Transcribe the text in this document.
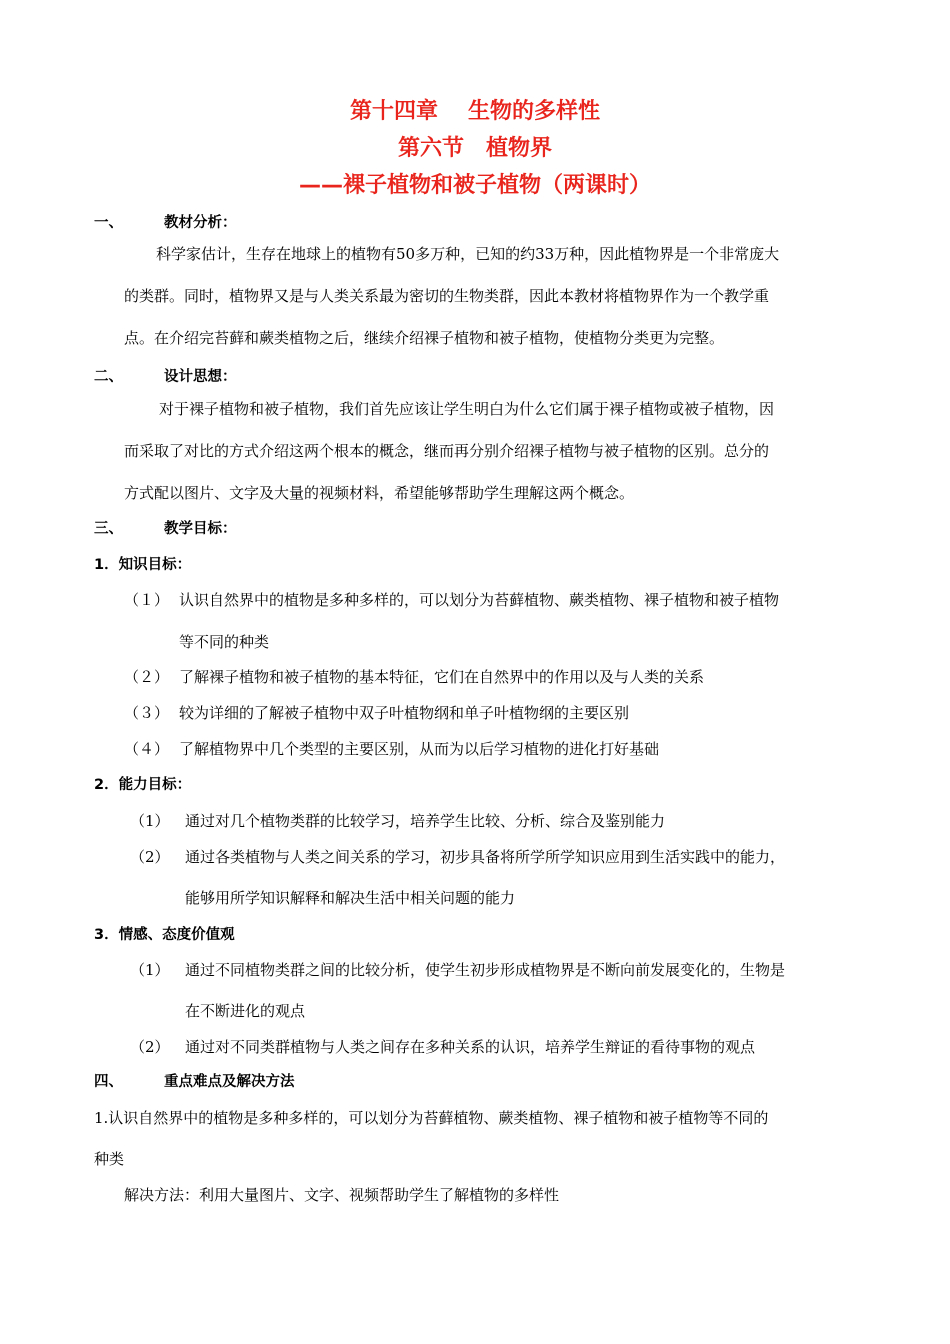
第十四章 生物的多样性
第六节 植物界
——裸子植物和被子植物（两课时）
一、	教材分析：
科学家估计，生存在地球上的植物有50多万种，已知的约33万种，因此植物界是一个非常庞大
的类群。同时，植物界又是与人类关系最为密切的生物类群，因此本教材将植物界作为一个教学重
点。在介绍完苔藓和蕨类植物之后，继续介绍裸子植物和被子植物，使植物分类更为完整。
二、	设计思想：
对于裸子植物和被子植物，我们首先应该让学生明白为什么它们属于裸子植物或被子植物，因
而采取了对比的方式介绍这两个根本的概念，继而再分别介绍裸子植物与被子植物的区别。总分的
方式配以图片、文字及大量的视频材料，希望能够帮助学生理解这两个概念。
三、	教学目标：
1．知识目标：
（１） 认识自然界中的植物是多种多样的，可以划分为苔藓植物、蕨类植物、裸子植物和被子植物
等不同的种类
（２） 了解裸子植物和被子植物的基本特征，它们在自然界中的作用以及与人类的关系
（３） 较为详细的了解被子植物中双子叶植物纲和单子叶植物纲的主要区别
（４） 了解植物界中几个类型的主要区别，从而为以后学习植物的进化打好基础
2．能力目标：
（1） 通过对几个植物类群的比较学习，培养学生比较、分析、综合及鉴别能力
（2） 通过各类植物与人类之间关系的学习，初步具备将所学所学知识应用到生活实践中的能力，
能够用所学知识解释和解决生活中相关问题的能力
3．情感、态度价值观
（1） 通过不同植物类群之间的比较分析，使学生初步形成植物界是不断向前发展变化的，生物是
在不断进化的观点
（2） 通过对不同类群植物与人类之间存在多种关系的认识，培养学生辩证的看待事物的观点
四、	重点难点及解决方法
1.认识自然界中的植物是多种多样的，可以划分为苔藓植物、蕨类植物、裸子植物和被子植物等不同的
种类
解决方法：利用大量图片、文字、视频帮助学生了解植物的多样性
